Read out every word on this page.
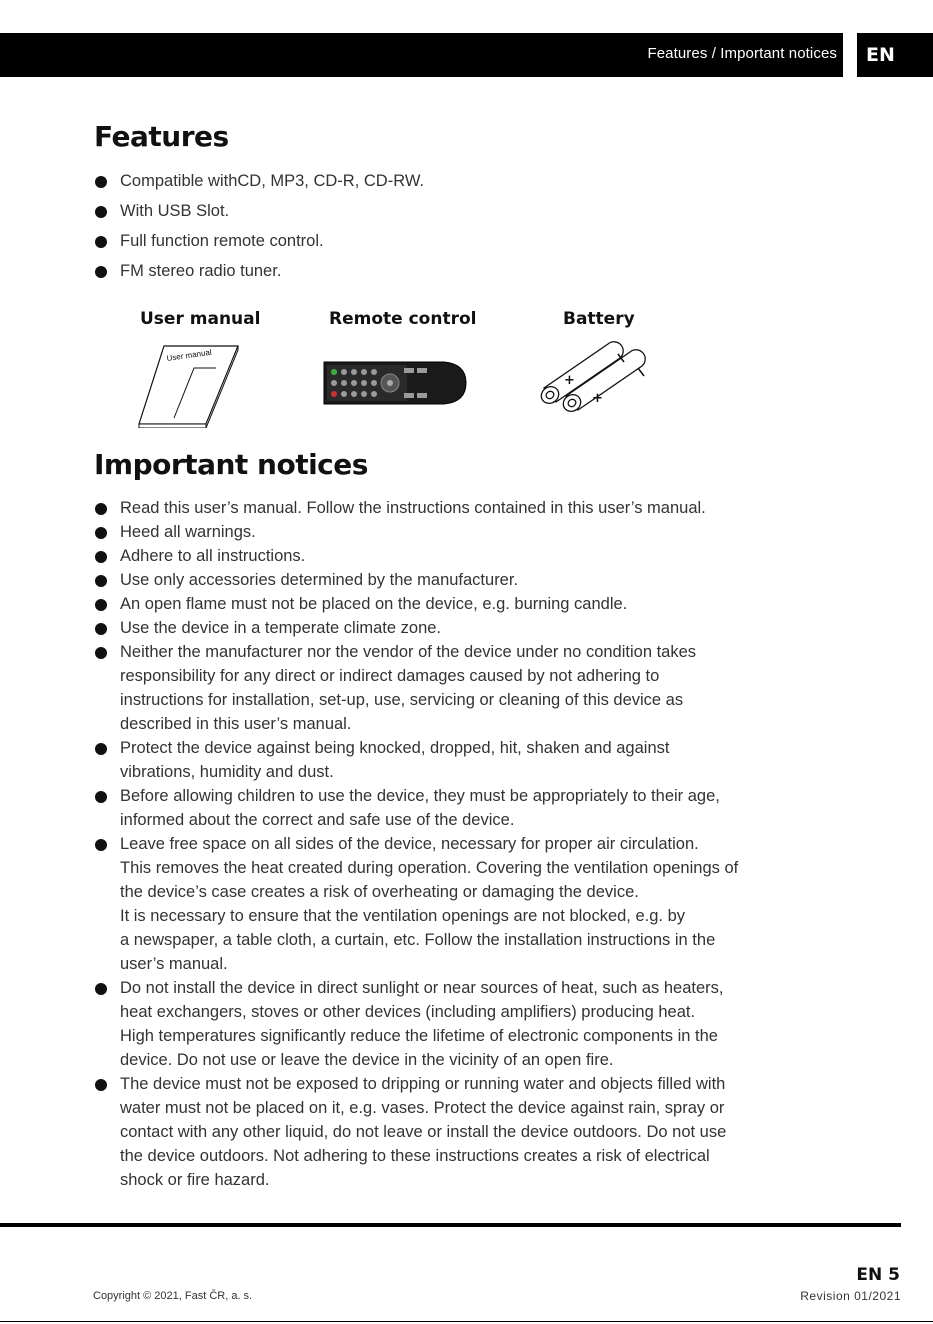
Features / Important notices	EN
Features
Compatible withCD, MP3, CD-R, CD-RW.
With USB Slot.
Full function remote control.
FM stereo radio tuner.
User manual	Remote control	Battery
User manual
+
+
Important notices
Read this user’s manual. Follow the instructions contained in this user’s manual.
Heed all warnings.
Adhere to all instructions.
Use only accessories determined by the manufacturer.
An open flame must not be placed on the device, e.g. burning candle.
Use the device in a temperate climate zone.
Neither the manufacturer nor the vendor of the device under no condition takes
responsibility for any direct or indirect damages caused by not adhering to
instructions for installation, set-up, use, servicing or cleaning of this device as
described in this user’s manual.
Protect the device against being knocked, dropped, hit, shaken and against
vibrations, humidity and dust.
Before allowing children to use the device, they must be appropriately to their age,
informed about the correct and safe use of the device.
Leave free space on all sides of the device, necessary for proper air circulation.
This removes the heat created during operation. Covering the ventilation openings of
the device’s case creates a risk of overheating or damaging the device.
It is necessary to ensure that the ventilation openings are not blocked, e.g. by
a newspaper, a table cloth, a curtain, etc. Follow the installation instructions in the
user’s manual.
Do not install the device in direct sunlight or near sources of heat, such as heaters,
heat exchangers, stoves or other devices (including amplifiers) producing heat.
High temperatures significantly reduce the lifetime of electronic components in the
device. Do not use or leave the device in the vicinity of an open fire.
The device must not be exposed to dripping or running water and objects filled with
water must not be placed on it, e.g. vases. Protect the device against rain, spray or
contact with any other liquid, do not leave or install the device outdoors. Do not use
the device outdoors. Not adhering to these instructions creates a risk of electrical
shock or fire hazard.
EN 5
Revision 01/2021
Copyright © 2021, Fast ČR, a. s.
